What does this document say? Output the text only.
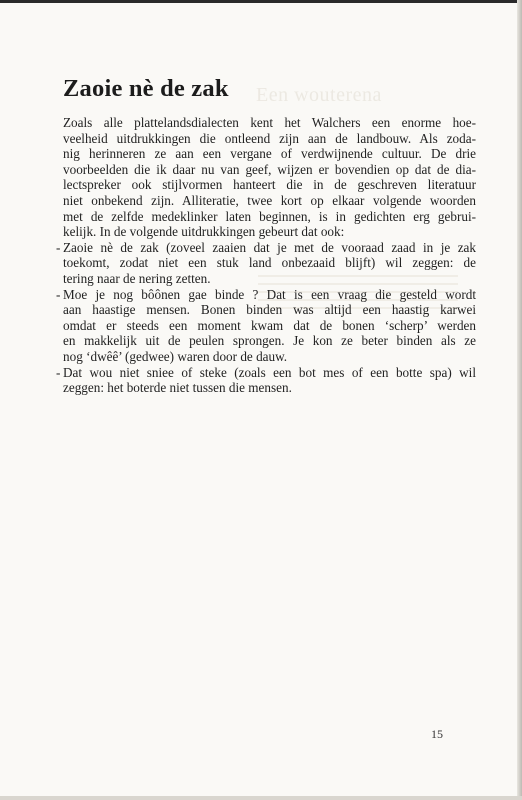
Een wouterena
Zaoie nè de zak
Zoals alle plattelandsdialecten kent het Walchers een enorme hoe-
veelheid uitdrukkingen die ontleend zijn aan de landbouw. Als zoda-
nig herinneren ze aan een vergane of verdwijnende cultuur. De drie
voorbeelden die ik daar nu van geef, wijzen er bovendien op dat de dia-
lectspreker ook stijlvormen hanteert die in de geschreven literatuur
niet onbekend zijn. Alliteratie, twee kort op elkaar volgende woorden
met de zelfde medeklinker laten beginnen, is in gedichten erg gebrui-
kelijk. In de volgende uitdrukkingen gebeurt dat ook:
- Zaoie nè de zak (zoveel zaaien dat je met de vooraad zaad in je zak
toekomt, zodat niet een stuk land onbezaaid blijft) wil zeggen: de
tering naar de nering zetten.
- Moe je nog bôônen gae binde ? Dat is een vraag die gesteld wordt
aan haastige mensen. Bonen binden was altijd een haastig karwei
omdat er steeds een moment kwam dat de bonen ‘scherp’ werden
en makkelijk uit de peulen sprongen. Je kon ze beter binden als ze
nog ‘dwêê’ (gedwee) waren door de dauw.
- Dat wou niet sniee of steke (zoals een bot mes of een botte spa) wil
zeggen: het boterde niet tussen die mensen.
15
